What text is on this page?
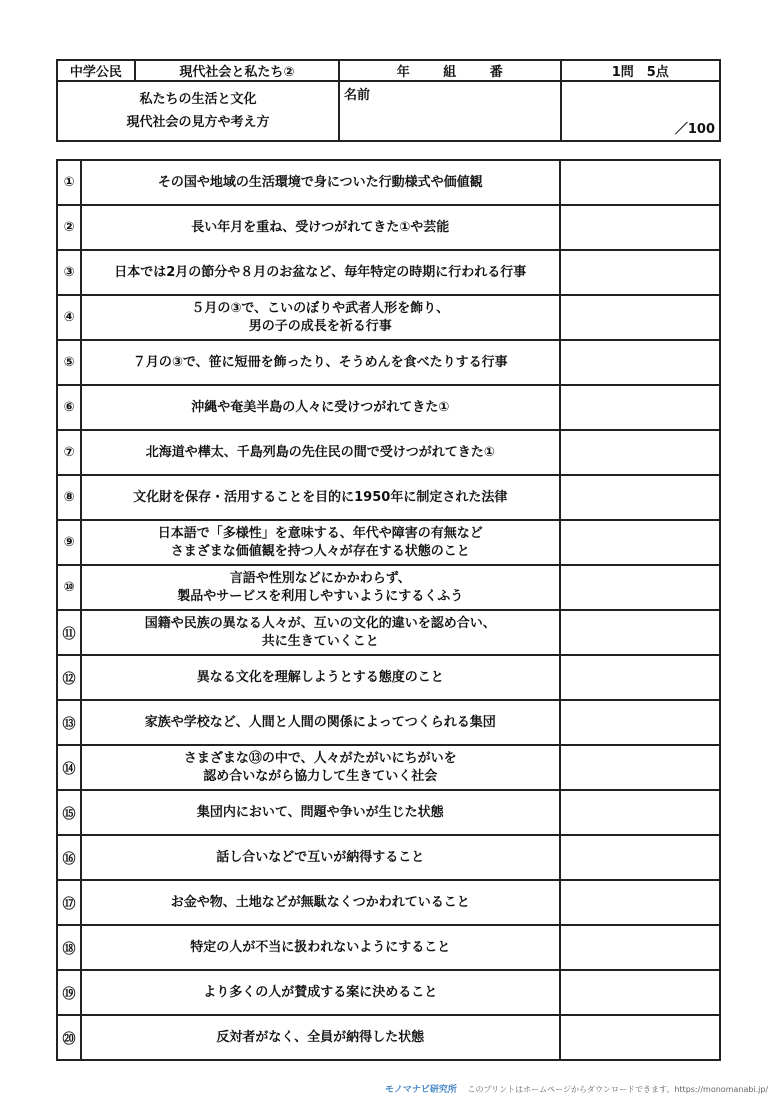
中学公民	現代社会と私たち②	年 組 番	1問　5点

私たちの生活と文化
現代社会の見方や考え方		名前	／100
①	その国や地域の生活環境で身についた行動様式や価値観	

②	長い年月を重ね、受けつがれてきた①や芸能	

③	日本では2月の節分や８月のお盆など、毎年特定の時期に行われる行事	

④	５月の③で、こいのぼりや武者人形を飾り、
男の子の成長を祈る行事	

⑤	７月の③で、笹に短冊を飾ったり、そうめんを食べたりする行事	

⑥	沖縄や奄美半島の人々に受けつがれてきた①	

⑦	北海道や樺太、千島列島の先住民の間で受けつがれてきた①	

⑧	文化財を保存・活用することを目的に1950年に制定された法律	

⑨	日本語で「多様性」を意味する、年代や障害の有無など
さまざまな価値観を持つ人々が存在する状態のこと	

⑩	言語や性別などにかかわらず、
製品やサービスを利用しやすいようにするくふう	

⑪	国籍や民族の異なる人々が、互いの文化的違いを認め合い、
共に生きていくこと	

⑫	異なる文化を理解しようとする態度のこと	

⑬	家族や学校など、人間と人間の関係によってつくられる集団	

⑭	さまざまな⑬の中で、人々がたがいにちがいを
認め合いながら協力して生きていく社会	

⑮	集団内において、問題や争いが生じた状態	

⑯	話し合いなどで互いが納得すること	

⑰	お金や物、土地などが無駄なくつかわれていること	

⑱	特定の人が不当に扱われないようにすること	

⑲	より多くの人が賛成する案に決めること	

⑳	反対者がなく、全員が納得した状態	

モノマナビ研究所 このプリントはホームページからダウンロードできます。https://monomanabi.jp/
